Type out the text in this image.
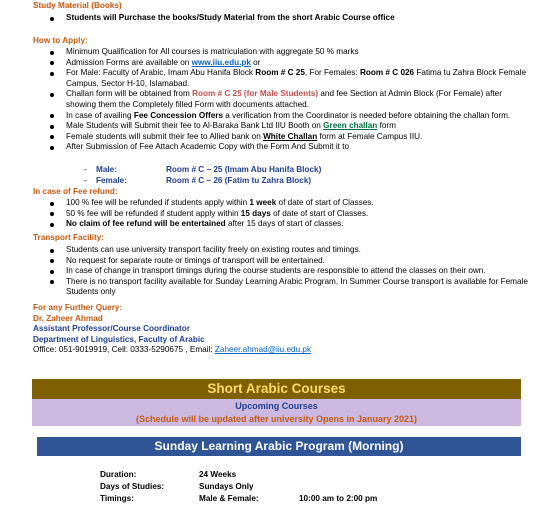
Study Material (Books)
Students will Purchase the books/Study Material from the short Arabic Course office
How to Apply:
Minimum Qualification for All courses is matriculation with aggregate 50 % marks
Admission Forms are available on www.iiu.edu.pk or
For Male: Faculty of Arabic, Imam Abu Hanifa Block Room # C 25, For Females: Room # C 026 Fatima tu Zahra Block Female Campus, Sector H-10, Islamabad.
Challan form will be obtained from Room # C 25 (for Male Students) and fee Section at Admin Block (For Female) after showing them the Completely filled Form with documents attached.
In case of availing Fee Concession Offers a verification from the Coordinator is needed before obtaining the challan form.
Male Students will Submit their fee to Al-Baraka Bank Ltd IIU Booth on Green challan form
Female students will submit their fee to Allied bank on White Challan form at Female Campus IIU.
After Submission of Fee Attach Academic Copy with the Form And Submit it to
- Male:	Room # C – 25 (Imam Abu Hanifa Block)
- Female:	Room # C – 26 (Fatim tu Zahra Block)
In case of Fee refund:
100 % fee will be refunded if students apply within 1 week of date of start of Classes.
50 % fee will be refunded if student apply within 15 days of date of start of Classes.
No claim of fee refund will be entertained after 15 days of start of classes.
Transport Facility:
Students can use university transport facility freely on existing routes and timings.
No request for separate route or timings of transport will be entertained.
In case of change in transport timings during the course students are responsible to attend the classes on their own.
There is no transport facility available for Sunday Learning Arabic Program. In Summer Course transport is available for Female Students only
For any Further Query:
Dr. Zaheer Ahmad
Assistant Professor/Course Coordinator
Department of Linguistics, Faculty of Arabic
Office: 051-9019919, Cell: 0333-5290675 , Email: Zaheer.ahmad@iiu.edu.pk
Short Arabic Courses
Upcoming Courses
(Schedule will be updated after university Opens in January 2021)
Sunday Learning Arabic Program (Morning)
Duration:	24 Weeks
Days of Studies:	Sundays Only
Timings:	Male & Female:	10:00 am to 2:00 pm
